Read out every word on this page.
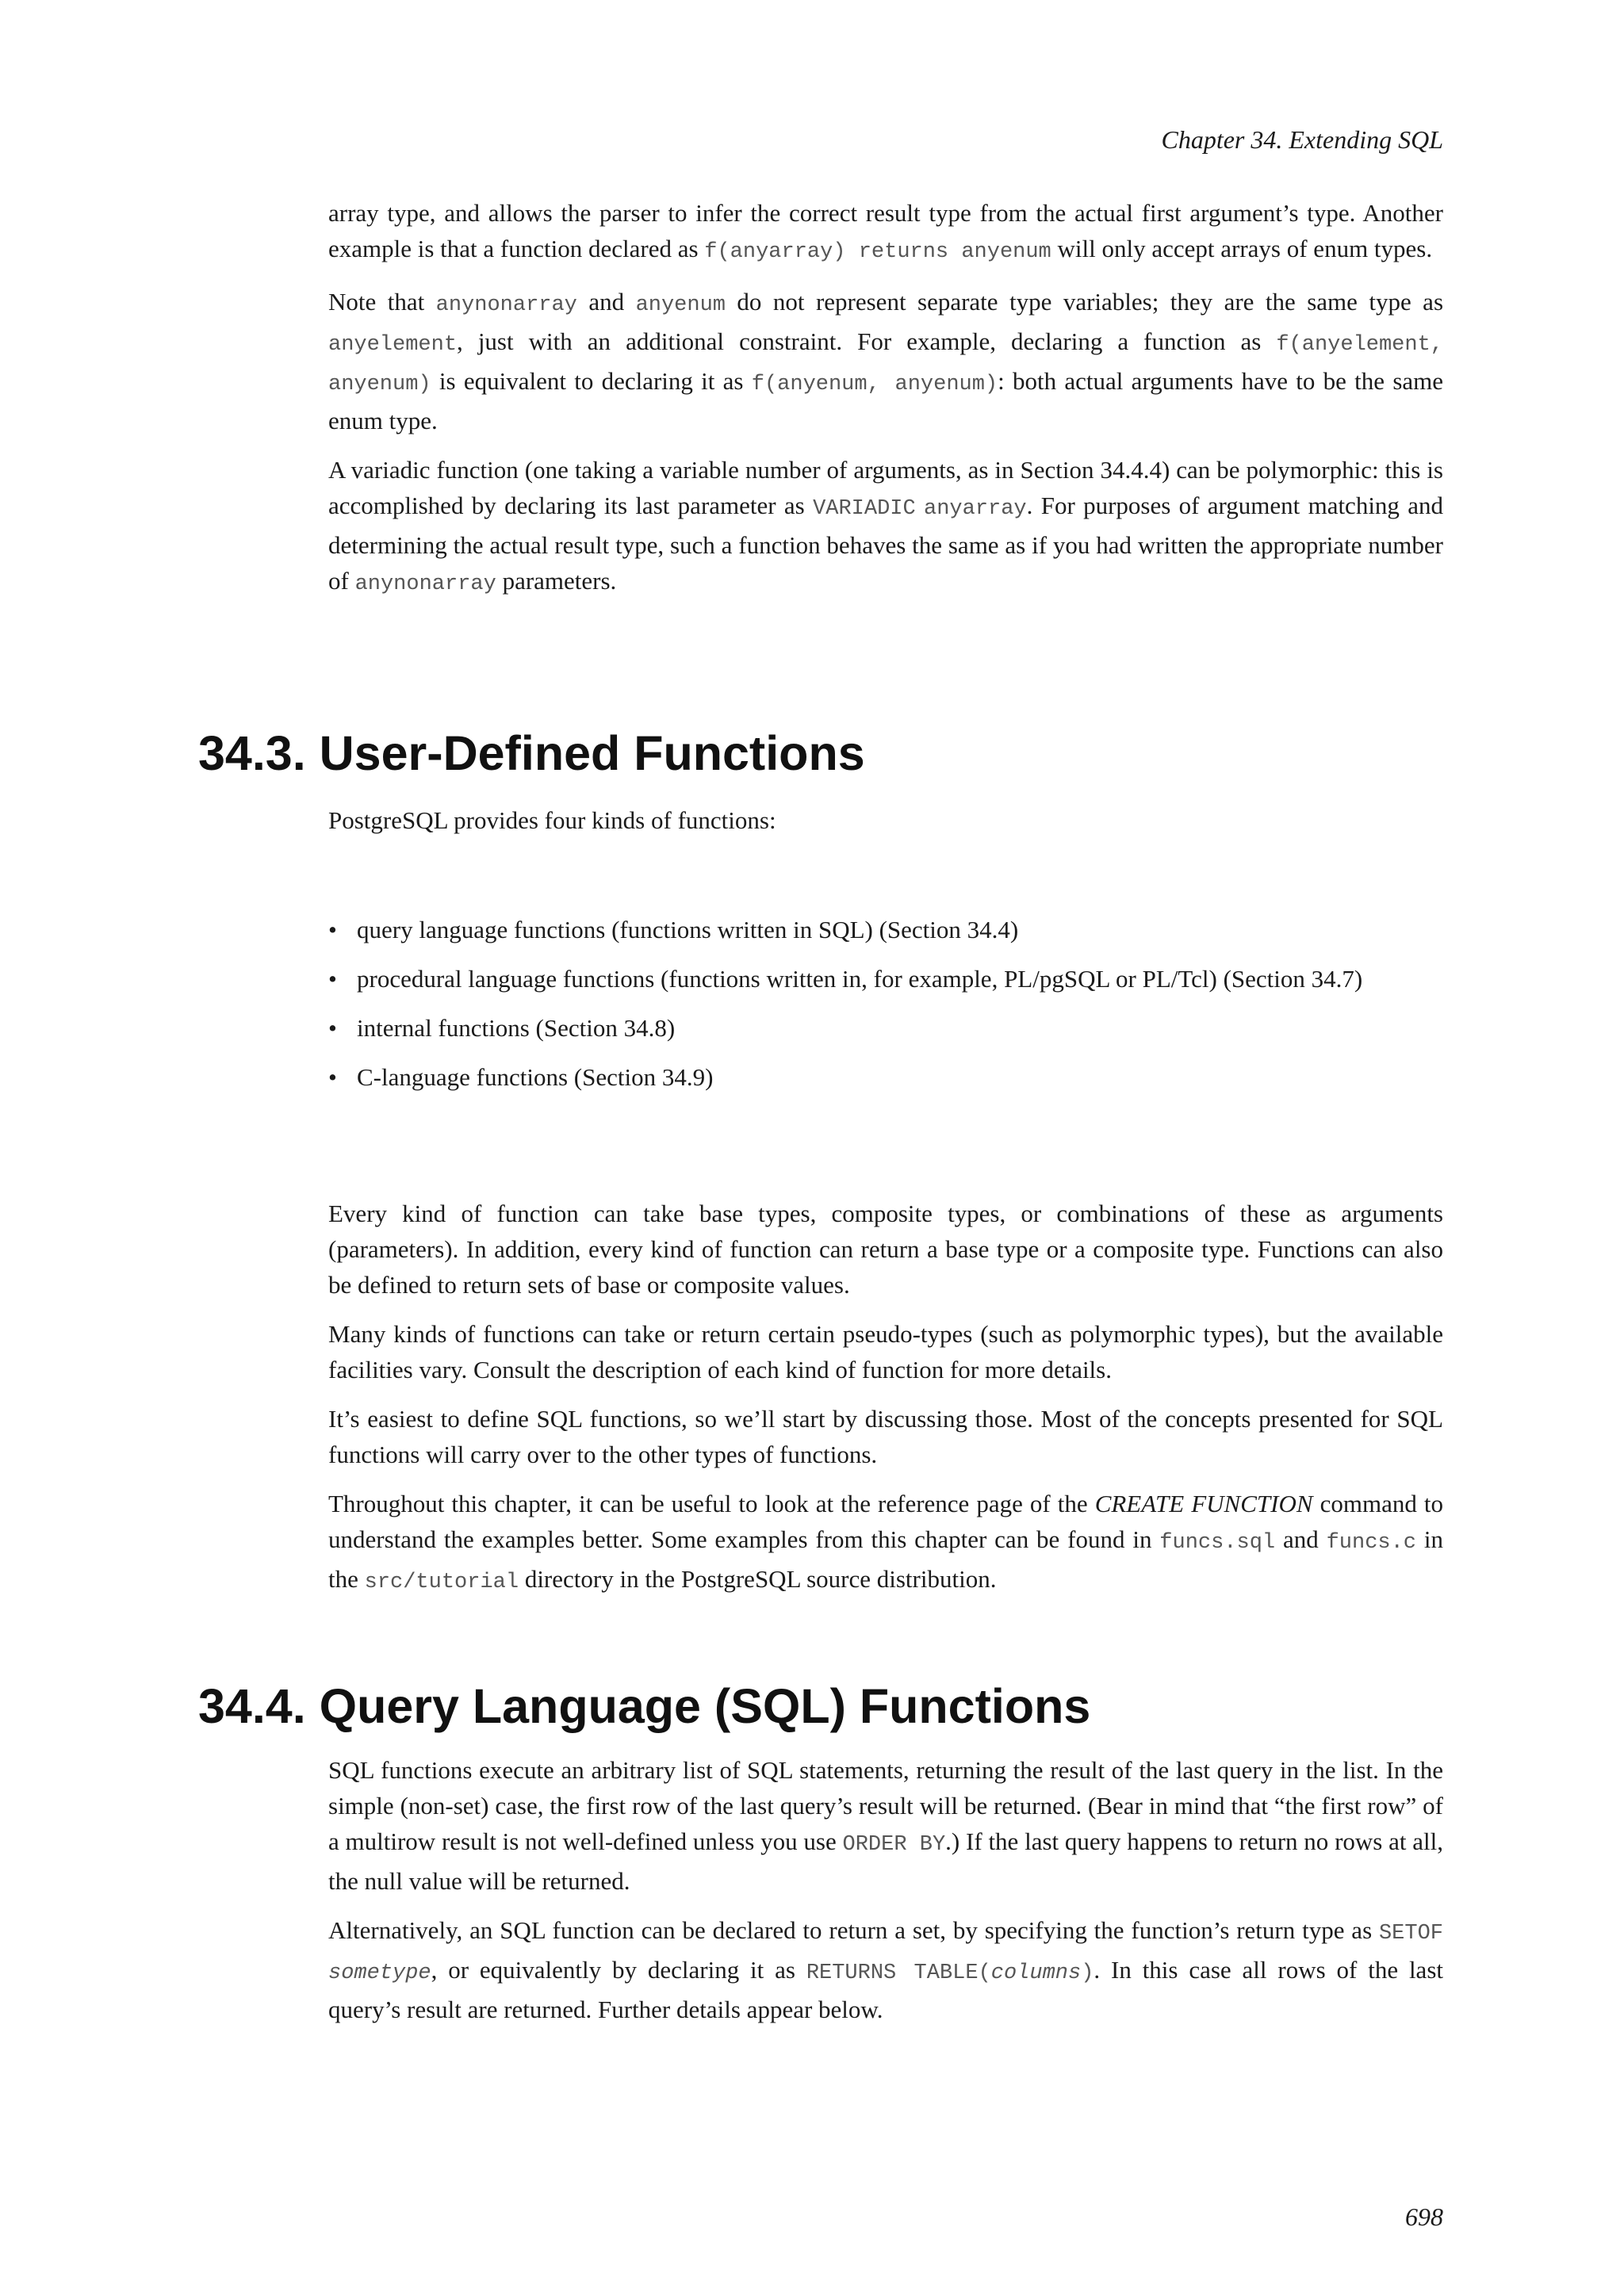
Chapter 34. Extending SQL

array type, and allows the parser to infer the correct result type from the actual first argument’s type. Another example is that a function declared as f(anyarray) returns anyenum will only accept arrays of enum types.

Note that anynonarray and anyenum do not represent separate type variables; they are the same type as anyelement, just with an additional constraint. For example, declaring a function as f(anyelement, anyenum) is equivalent to declaring it as f(anyenum, anyenum): both actual arguments have to be the same enum type.

A variadic function (one taking a variable number of arguments, as in Section 34.4.4) can be polymorphic: this is accomplished by declaring its last parameter as VARIADIC anyarray. For purposes of argument matching and determining the actual result type, such a function behaves the same as if you had written the appropriate number of anynonarray parameters.

34.3. User-Defined Functions

PostgreSQL provides four kinds of functions:

• query language functions (functions written in SQL) (Section 34.4)
• procedural language functions (functions written in, for example, PL/pgSQL or PL/Tcl) (Section 34.7)
• internal functions (Section 34.8)
• C-language functions (Section 34.9)

Every kind of function can take base types, composite types, or combinations of these as arguments (parameters). In addition, every kind of function can return a base type or a composite type. Functions can also be defined to return sets of base or composite values.

Many kinds of functions can take or return certain pseudo-types (such as polymorphic types), but the available facilities vary. Consult the description of each kind of function for more details.

It’s easiest to define SQL functions, so we’ll start by discussing those. Most of the concepts presented for SQL functions will carry over to the other types of functions.

Throughout this chapter, it can be useful to look at the reference page of the CREATE FUNCTION command to understand the examples better. Some examples from this chapter can be found in funcs.sql and funcs.c in the src/tutorial directory in the PostgreSQL source distribution.

34.4. Query Language (SQL) Functions

SQL functions execute an arbitrary list of SQL statements, returning the result of the last query in the list. In the simple (non-set) case, the first row of the last query’s result will be returned. (Bear in mind that “the first row” of a multirow result is not well-defined unless you use ORDER BY.) If the last query happens to return no rows at all, the null value will be returned.

Alternatively, an SQL function can be declared to return a set, by specifying the function’s return type as SETOF sometype, or equivalently by declaring it as RETURNS TABLE(columns). In this case all rows of the last query’s result are returned. Further details appear below.

698
